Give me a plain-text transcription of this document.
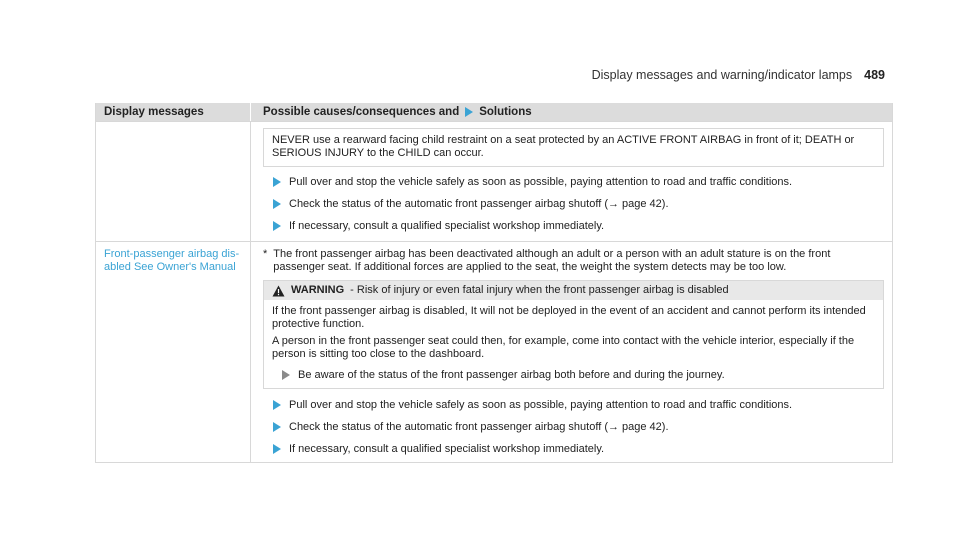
Display messages and warning/indicator lamps 489
Display messages	Possible causes/consequences and Solutions

NEVER use a rearward facing child restraint on a seat protected by an ACTIVE FRONT AIRBAG in front of it; DEATH or SERIOUS INJURY to the CHILD can occur.

Pull over and stop the vehicle safely as soon as possible, paying attention to road and traffic conditions.
Check the status of the automatic front passenger airbag shutoff (→ page 42).
If necessary, consult a qualified specialist workshop immediately.
Front-passenger airbag dis-abled See Owner's Manual
* The front passenger airbag has been deactivated although an adult or a person with an adult stature is on the front passenger seat. If additional forces are applied to the seat, the weight the system detects may be too low.
WARNING - Risk of injury or even fatal injury when the front passenger airbag is disabled

If the front passenger airbag is disabled, It will not be deployed in the event of an accident and cannot perform its intended protective function.

A person in the front passenger seat could then, for example, come into contact with the vehicle interior, especially if the person is sitting too close to the dashboard.

Be aware of the status of the front passenger airbag both before and during the journey.
Pull over and stop the vehicle safely as soon as possible, paying attention to road and traffic conditions.
Check the status of the automatic front passenger airbag shutoff (→ page 42).
If necessary, consult a qualified specialist workshop immediately.
